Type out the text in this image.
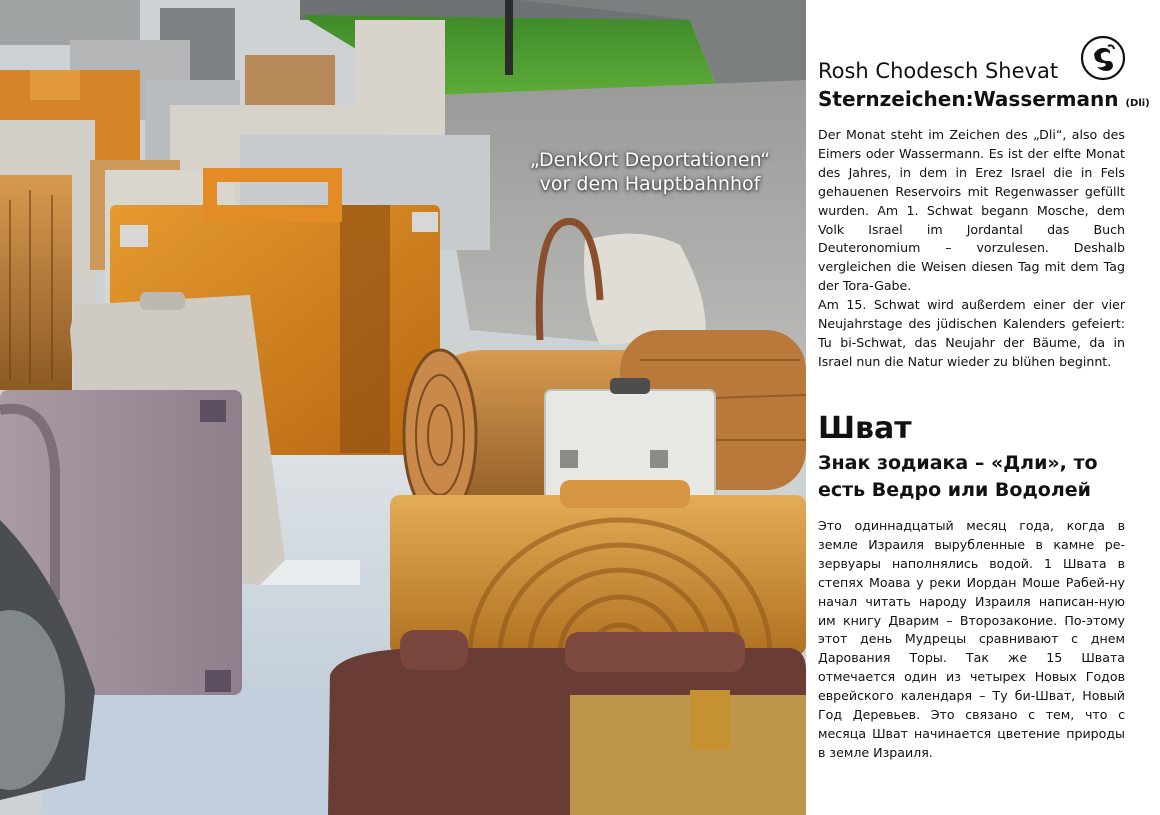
„DenkOrt Deportationen“
vor dem Hauptbahnhof
Rosh Chodesch Shevat
Sternzeichen:Wassermann (Dli)

Der Monat steht im Zeichen des „Dli“, also des Eimers oder Wassermann. Es ist der elfte Monat des Jahres, in dem in Erez Israel die in Fels gehauenen Reservoirs mit Regenwasser gefüllt wurden. Am 1. Schwat begann Mosche, dem Volk Israel im Jordantal das Buch Deuteronomium – vorzulesen. Deshalb vergleichen die Weisen diesen Tag mit dem Tag der Tora-Gabe.

Am 15. Schwat wird außerdem einer der vier Neujahrstage des jüdischen Kalenders gefeiert: Tu bi-Schwat, das Neujahr der Bäume, da in Israel nun die Natur wieder zu blühen beginnt.

Шват
Знак зодиака – «Дли», то есть Ведро или Водолей

Это одиннадцатый месяц года, когда в земле Израиля вырубленные в камне ре-зервуары наполнялись водой. 1 Швата в степях Моава у реки Иордан Моше Рабей-ну начал читать народу Израиля написан-ную им книгу Дварим – Второзаконие. По-этому этот день Мудрецы сравнивают с днем Дарования Торы. Так же 15 Швата отмечается один из четырех Новых Годов еврейского календаря – Ту би-Шват, Новый Год Деревьев. Это связано с тем, что с месяца Шват начинается цветение природы в земле Израиля.
